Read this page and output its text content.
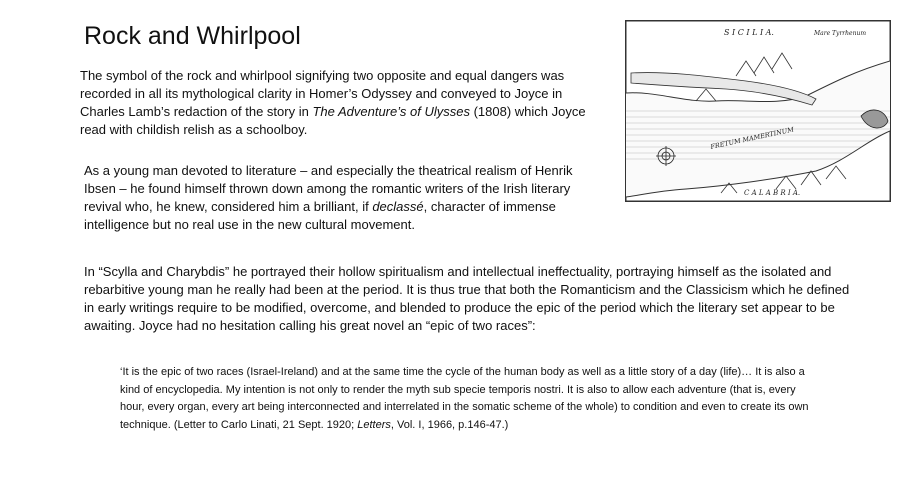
Rock and Whirlpool

The symbol of the rock and whirlpool signifying two opposite and equal dangers was recorded in all its mythological clarity in Homer’s Odyssey and conveyed to Joyce in Charles Lamb’s redaction of the story in The Adventure’s of Ulysses (1808) which Joyce read with childish relish as a schoolboy.

As a young man devoted to literature – and especially the theatrical realism of Henrik Ibsen – he found himself thrown down among the romantic writers of the Irish literary revival who, he knew, considered him a brilliant, if declassé, character of immense intelligence but no real use in the new cultural movement.

In “Scylla and Charybdis” he portrayed their hollow spiritualism and intellectual ineffectuality, portraying himself as the isolated and rebarbitive young man he really had been at the period. It is thus true that both the Romanticism and the Classicism which he defined in early writings require to be modified, overcome, and blended to produce the epic of the period which the literary set appear to be awaiting. Joyce had no hesitation calling his great novel an “epic of two races”:

‘It is the epic of two races (Israel-Ireland) and at the same time the cycle of the human body as well as a little story of a day (life)… It is also a kind of encyclopedia. My intention is not only to render the myth sub specie temporis nostri. It is also to allow each adventure (that is, every hour, every organ, every art being interconnected and interrelated in the somatic scheme of the whole) to condition and even to create its own technique. (Letter to Carlo Linati, 21 Sept. 1920; Letters, Vol. I, 1966, p.146-47.)

S I C I L I A.	Mare Tyrrhenum
FRETUM MAMERTINUM
C A L A B R I A.
